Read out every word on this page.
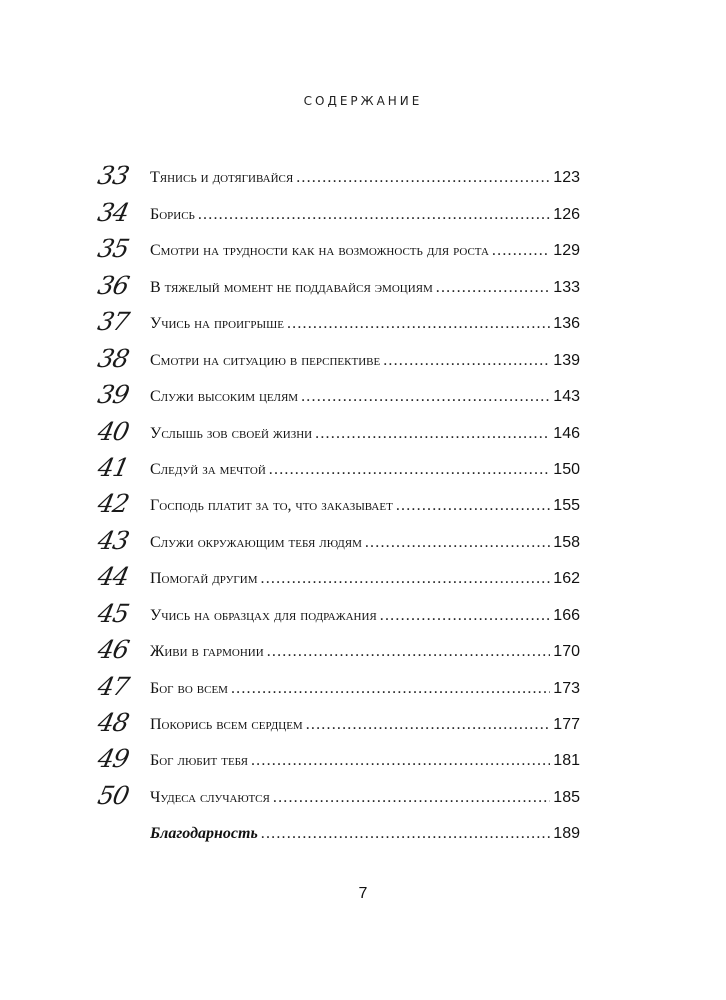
СОДЕРЖАНИЕ
33	Тянись и дотягивайся .....	123
34	Борись .....	126
35	Смотри на трудности как на возможность для роста .....	129
36	В тяжелый момент не поддавайся эмоциям .....	133
37	Учись на проигрыше .....	136
38	Смотри на ситуацию в перспективе .....	139
39	Служи высоким целям .....	143
40	Услышь зов своей жизни .....	146
41	Следуй за мечтой .....	150
42	Господь платит за то, что заказывает .....	155
43	Служи окружающим тебя людям .....	158
44	Помогай другим .....	162
45	Учись на образцах для подражания .....	166
46	Живи в гармонии .....	170
47	Бог во всем .....	173
48	Покорись всем сердцем .....	177
49	Бог любит тебя .....	181
50	Чудеса случаются .....	185
Благодарность .....	189
7
